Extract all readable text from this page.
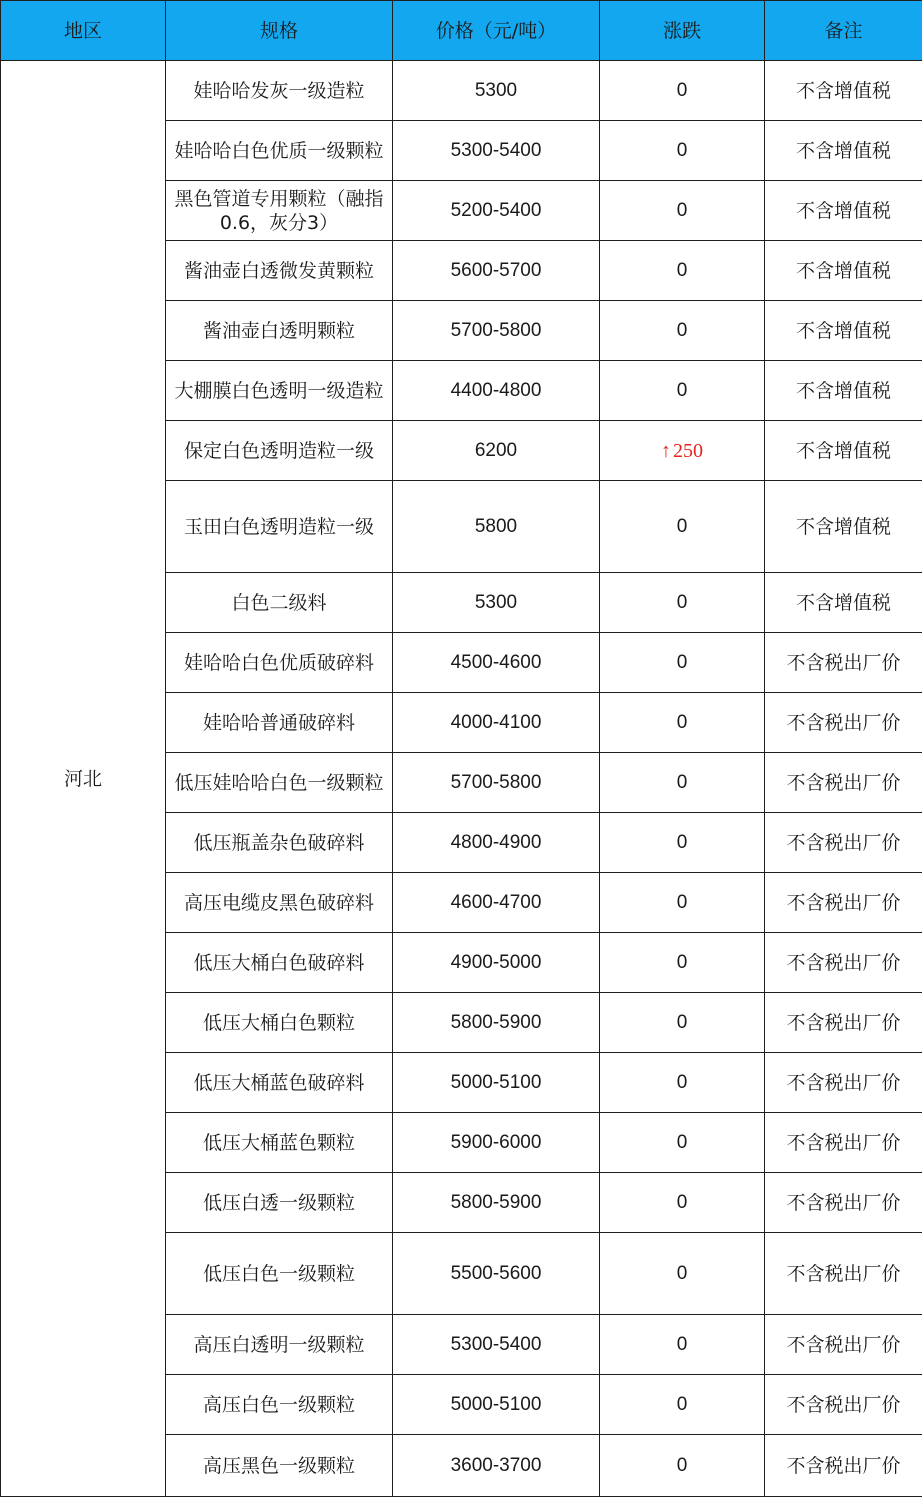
地区	规格	价格（元/吨）	涨跌	备注
河北	娃哈哈发灰一级造粒	5300	0	不含增值税
	娃哈哈白色优质一级颗粒	5300-5400	0	不含增值税
	黑色管道专用颗粒（融指0.6，灰分3）	5200-5400	0	不含增值税
	酱油壶白透微发黄颗粒	5600-5700	0	不含增值税
	酱油壶白透明颗粒	5700-5800	0	不含增值税
	大棚膜白色透明一级造粒	4400-4800	0	不含增值税
	保定白色透明造粒一级	6200	↑ 250	不含增值税
	玉田白色透明造粒一级	5800	0	不含增值税
	白色二级料	5300	0	不含增值税
	娃哈哈白色优质破碎料	4500-4600	0	不含税出厂价
	娃哈哈普通破碎料	4000-4100	0	不含税出厂价
	低压娃哈哈白色一级颗粒	5700-5800	0	不含税出厂价
	低压瓶盖杂色破碎料	4800-4900	0	不含税出厂价
	高压电缆皮黑色破碎料	4600-4700	0	不含税出厂价
	低压大桶白色破碎料	4900-5000	0	不含税出厂价
	低压大桶白色颗粒	5800-5900	0	不含税出厂价
	低压大桶蓝色破碎料	5000-5100	0	不含税出厂价
	低压大桶蓝色颗粒	5900-6000	0	不含税出厂价
	低压白透一级颗粒	5800-5900	0	不含税出厂价
	低压白色一级颗粒	5500-5600	0	不含税出厂价
	高压白透明一级颗粒	5300-5400	0	不含税出厂价
	高压白色一级颗粒	5000-5100	0	不含税出厂价
	高压黑色一级颗粒	3600-3700	0	不含税出厂价
